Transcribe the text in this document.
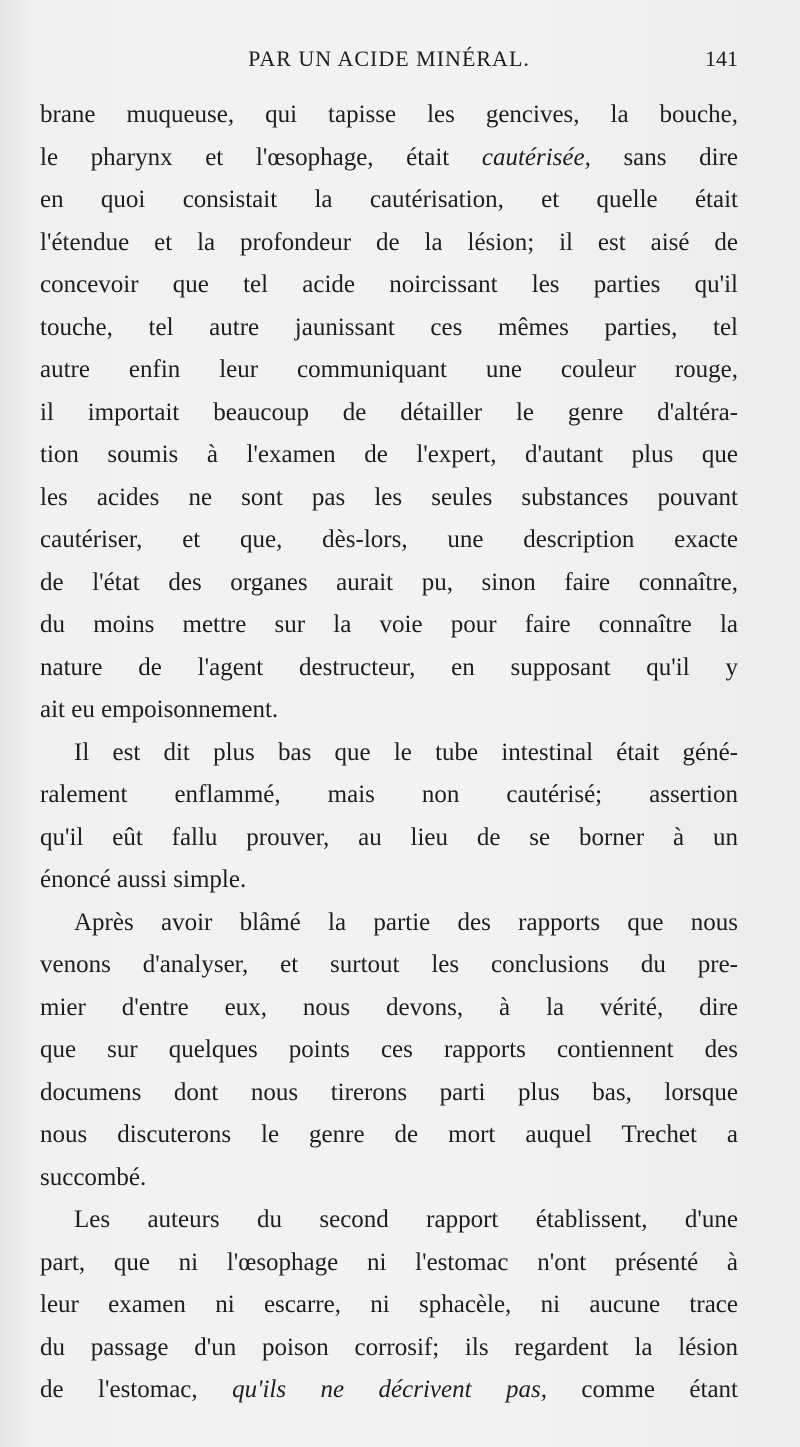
PAR UN ACIDE MINÉRAL.	141
brane muqueuse, qui tapisse les gencives, la bouche,
le pharynx et l'œsophage, était cautérisée, sans dire
en quoi consistait la cautérisation, et quelle était
l'étendue et la profondeur de la lésion; il est aisé de
concevoir que tel acide noircissant les parties qu'il
touche, tel autre jaunissant ces mêmes parties, tel
autre enfin leur communiquant une couleur rouge,
il importait beaucoup de détailler le genre d'altéra-
tion soumis à l'examen de l'expert, d'autant plus que
les acides ne sont pas les seules substances pouvant
cautériser, et que, dès-lors, une description exacte
de l'état des organes aurait pu, sinon faire connaître,
du moins mettre sur la voie pour faire connaître la
nature de l'agent destructeur, en supposant qu'il y
ait eu empoisonnement.
Il est dit plus bas que le tube intestinal était géné-
ralement enflammé, mais non cautérisé; assertion
qu'il eût fallu prouver, au lieu de se borner à un
énoncé aussi simple.
Après avoir blâmé la partie des rapports que nous
venons d'analyser, et surtout les conclusions du pre-
mier d'entre eux, nous devons, à la vérité, dire
que sur quelques points ces rapports contiennent des
documens dont nous tirerons parti plus bas, lorsque
nous discuterons le genre de mort auquel Trechet a
succombé.
Les auteurs du second rapport établissent, d'une
part, que ni l'œsophage ni l'estomac n'ont présenté à
leur examen ni escarre, ni sphacèle, ni aucune trace
du passage d'un poison corrosif; ils regardent la lésion
de l'estomac, qu'ils ne décrivent pas, comme étant
